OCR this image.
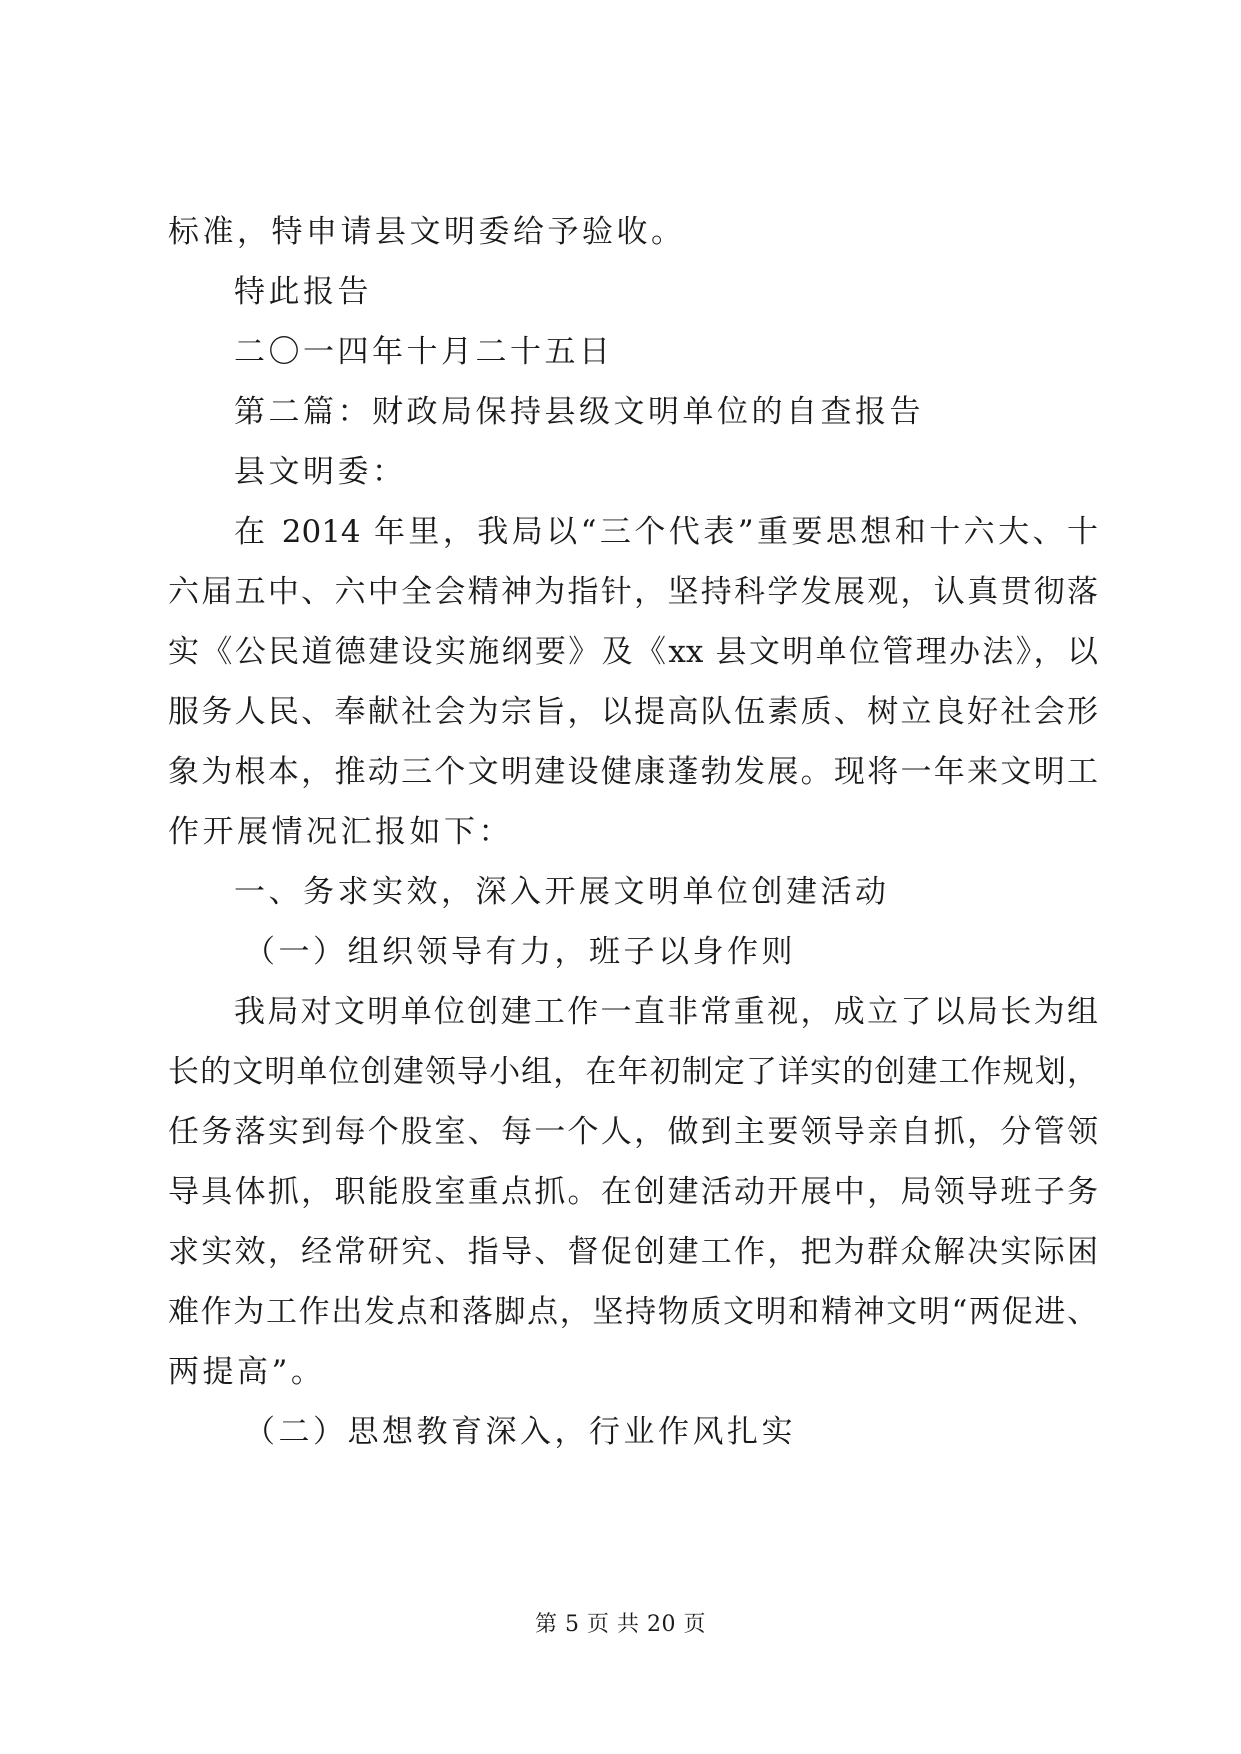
标准，特申请县文明委给予验收。
特此报告
二〇一四年十月二十五日
第二篇：财政局保持县级文明单位的自查报告
县文明委：
在 2014 年里，我局以“三个代表”重要思想和十六大、十
六届五中、六中全会精神为指针，坚持科学发展观，认真贯彻落
实《公民道德建设实施纲要》及《xx 县文明单位管理办法》，以
服务人民、奉献社会为宗旨，以提高队伍素质、树立良好社会形
象为根本，推动三个文明建设健康蓬勃发展。现将一年来文明工
作开展情况汇报如下：
一、务求实效，深入开展文明单位创建活动
（一）组织领导有力，班子以身作则
我局对文明单位创建工作一直非常重视，成立了以局长为组
长的文明单位创建领导小组，在年初制定了详实的创建工作规划，
任务落实到每个股室、每一个人，做到主要领导亲自抓，分管领
导具体抓，职能股室重点抓。在创建活动开展中，局领导班子务
求实效，经常研究、指导、督促创建工作，把为群众解决实际困
难作为工作出发点和落脚点，坚持物质文明和精神文明“两促进、
两提高”。
（二）思想教育深入，行业作风扎实
第 5 页 共 20 页
